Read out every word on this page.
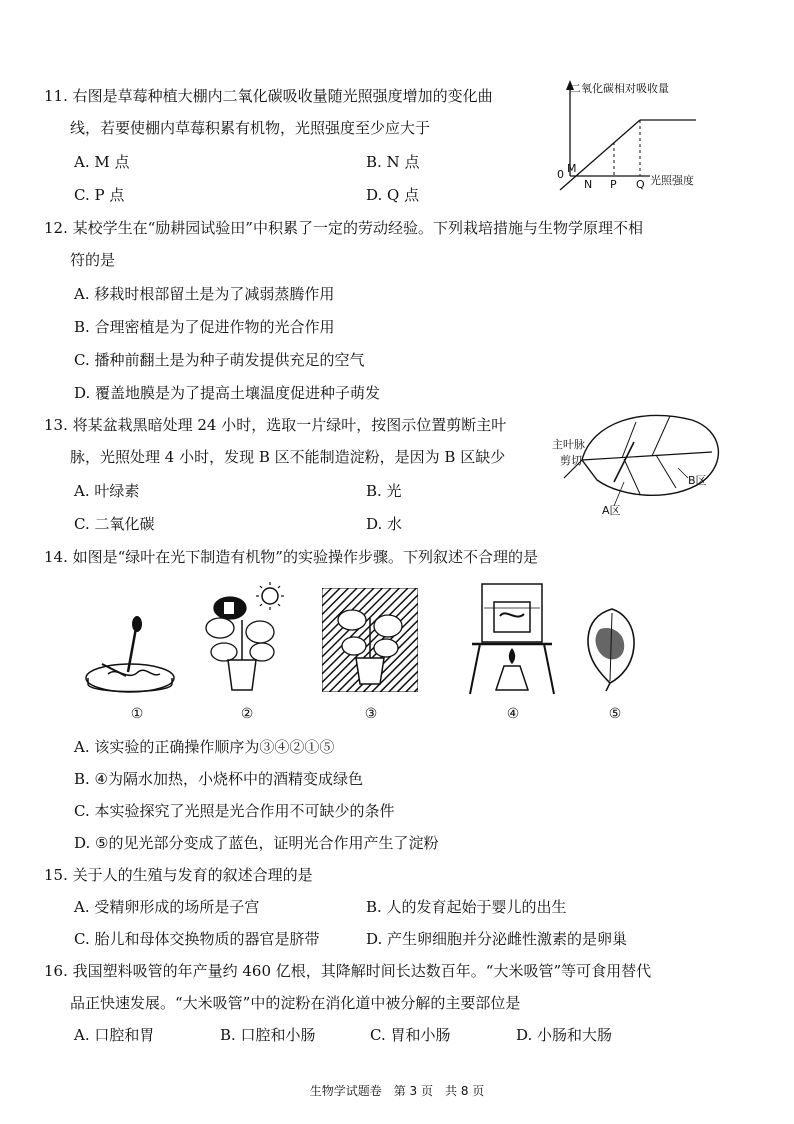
11. 右图是草莓种植大棚内二氧化碳吸收量随光照强度增加的变化曲
线，若要使棚内草莓积累有机物，光照强度至少应大于
A. M 点	B. N 点
C. P 点	D. Q 点
二氧化碳相对吸收量
光照强度
0 M
N P Q
12. 某校学生在“励耕园试验田”中积累了一定的劳动经验。下列栽培措施与生物学原理不相
符的是
A. 移栽时根部留土是为了减弱蒸腾作用
B. 合理密植是为了促进作物的光合作用
C. 播种前翻土是为种子萌发提供充足的空气
D. 覆盖地膜是为了提高土壤温度促进种子萌发
13. 将某盆栽黑暗处理 24 小时，选取一片绿叶，按图示位置剪断主叶
脉，光照处理 4 小时，发现 B 区不能制造淀粉，是因为 B 区缺少
A. 叶绿素	B. 光
C. 二氧化碳	D. 水
主叶脉
剪切
B区
A区
14. 如图是“绿叶在光下制造有机物”的实验操作步骤。下列叙述不合理的是
①	②	③	④	⑤
A. 该实验的正确操作顺序为③④②①⑤
B. ④为隔水加热，小烧杯中的酒精变成绿色
C. 本实验探究了光照是光合作用不可缺少的条件
D. ⑤的见光部分变成了蓝色，证明光合作用产生了淀粉
15. 关于人的生殖与发育的叙述合理的是
A. 受精卵形成的场所是子宫	B. 人的发育起始于婴儿的出生
C. 胎儿和母体交换物质的器官是脐带	D. 产生卵细胞并分泌雌性激素的是卵巢
16. 我国塑料吸管的年产量约 460 亿根，其降解时间长达数百年。“大米吸管”等可食用替代
品正快速发展。“大米吸管”中的淀粉在消化道中被分解的主要部位是
A. 口腔和胃	B. 口腔和小肠	C. 胃和小肠	D. 小肠和大肠
生物学试题卷　第 3 页　共 8 页
